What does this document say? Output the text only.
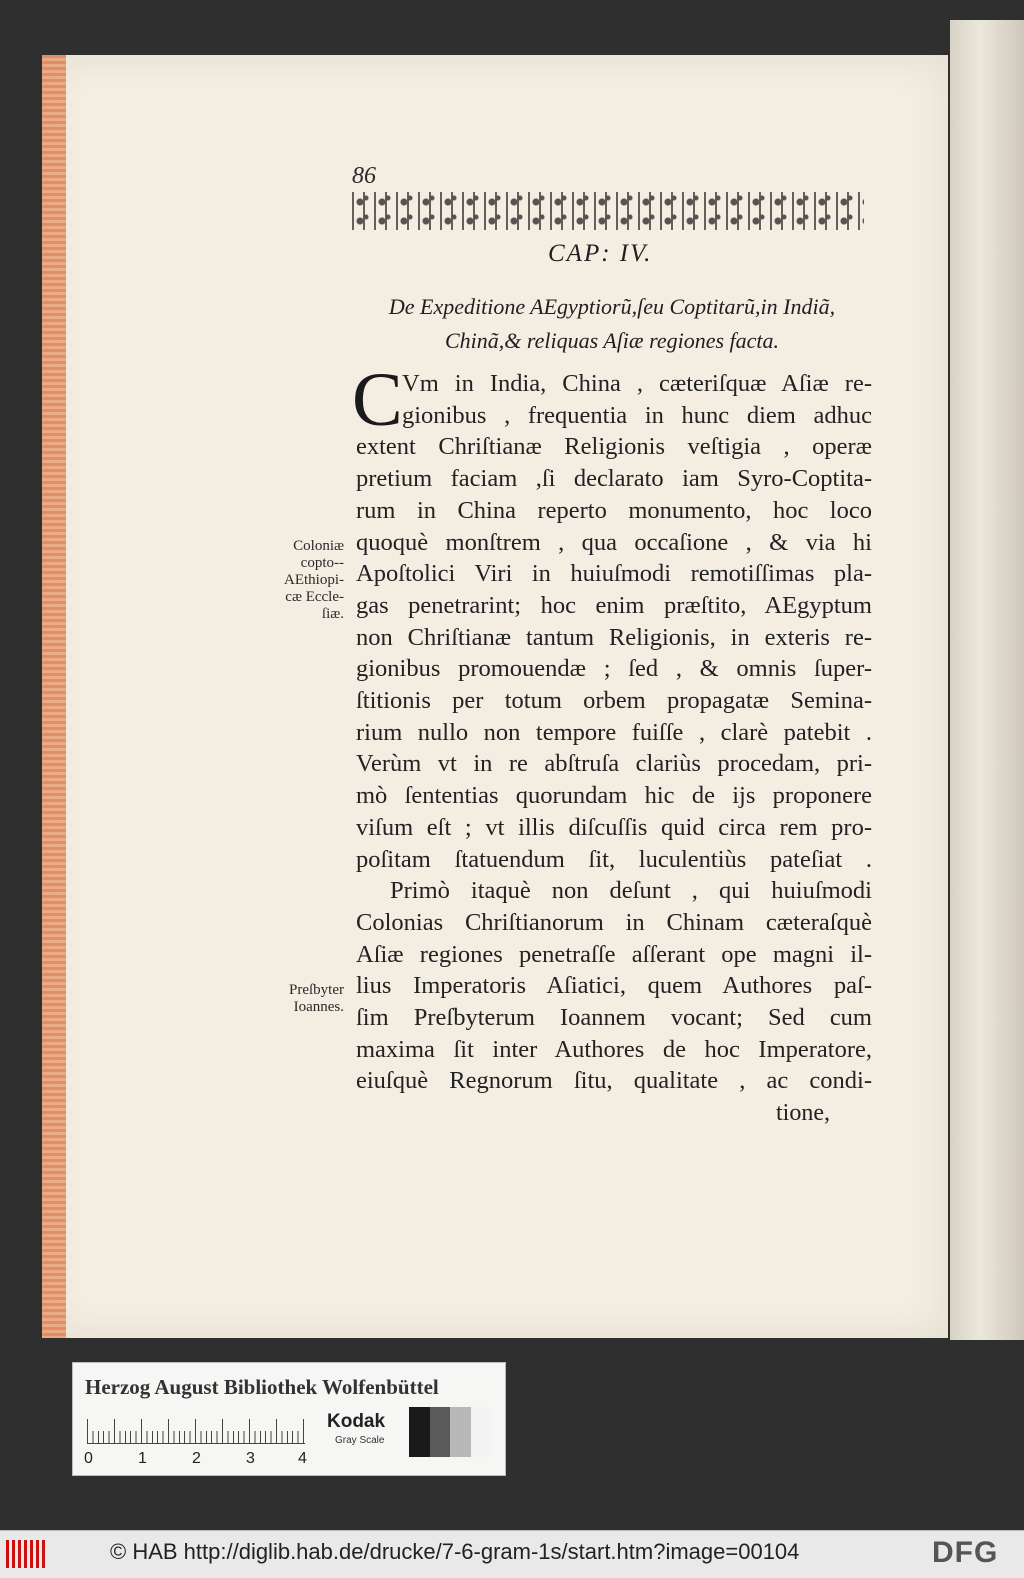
86
CAP: IV.
De Expeditione AEgyptiorũ,ſeu Coptitarũ,in Indiã,
Chinã,& reliquas Aſiæ regiones facta.
C Vm in India, China , cæteriſquæ Aſiæ re-
gionibus , frequentia in hunc diem adhuc
extent Chriſtianæ Religionis veſtigia , operæ
pretium faciam ,ſi declarato iam Syro-Coptita-
rum in China reperto monumento, hoc loco
quoquè monſtrem , qua occaſione , & via hi
Apoſtolici Viri in huiuſmodi remotiſſimas pla-
gas penetrarint; hoc enim præſtito, AEgyptum
non Chriſtianæ tantum Religionis, in exteris re-
gionibus promouendæ ; ſed , & omnis ſuper-
ſtitionis per totum orbem propagatæ Semina-
rium nullo non tempore fuiſſe , clarè patebit .
Verùm vt in re abſtruſa clariùs procedam, pri-
mò ſententias quorundam hic de ijs proponere
viſum eſt ; vt illis diſcuſſis quid circa rem pro-
poſitam ſtatuendum ſit, luculentiùs pateſiat .
Primò itaquè non deſunt , qui huiuſmodi
Colonias Chriſtianorum in Chinam cæteraſquè
Aſiæ regiones penetraſſe aſſerant ope magni il-
lius Imperatoris Aſiatici, quem Authores paſ-
ſim Preſbyterum Ioannem vocant; Sed cum
maxima ſit inter Authores de hoc Imperatore,
eiuſquè Regnorum ſitu, qualitate , ac condi-
tione,
Coloniæ
copto--
AEthiopi-
cæ Eccle-
ſiæ.
Preſbyter
Ioannes.
Herzog August Bibliothek Wolfenbüttel
Kodak
Gray Scale
0	1	2	3	4
© HAB http://diglib.hab.de/drucke/7-6-gram-1s/start.htm?image=00104	DFG
